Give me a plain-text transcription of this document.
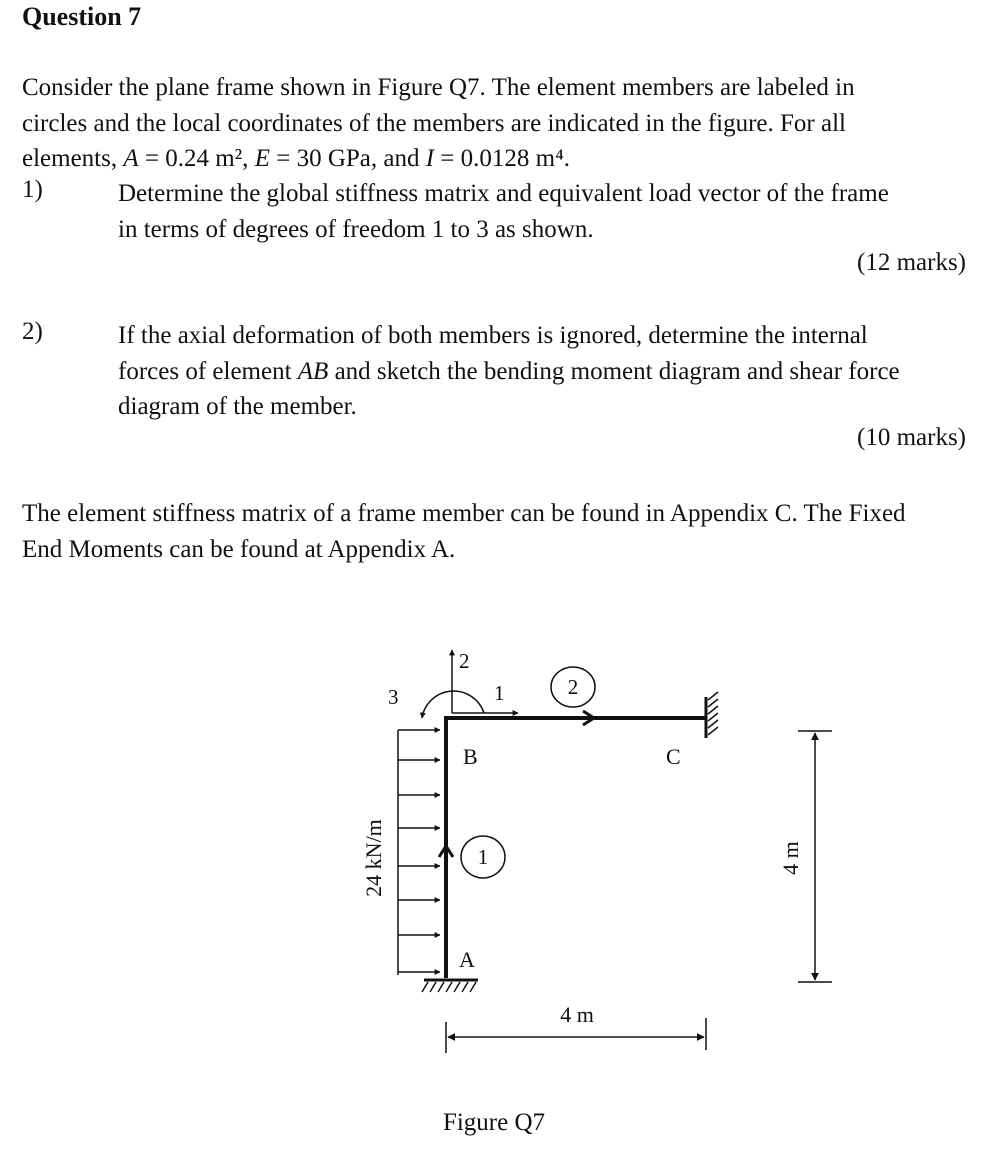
Question 7
Consider the plane frame shown in Figure Q7. The element members are labeled in
circles and the local coordinates of the members are indicated in the figure. For all
elements, A = 0.24 m², E = 30 GPa, and I = 0.0128 m⁴.
1)	Determine the global stiffness matrix and equivalent load vector of the frame
in terms of degrees of freedom 1 to 3 as shown.
(12 marks)
2)	If the axial deformation of both members is ignored, determine the internal
forces of element AB and sketch the bending moment diagram and shear force
diagram of the member.
(10 marks)
The element stiffness matrix of a frame member can be found in Appendix C. The Fixed
End Moments can be found at Appendix A.
24 kN/m
2
1
3
B	C
A
2
1
4 m
4 m
Figure Q7
